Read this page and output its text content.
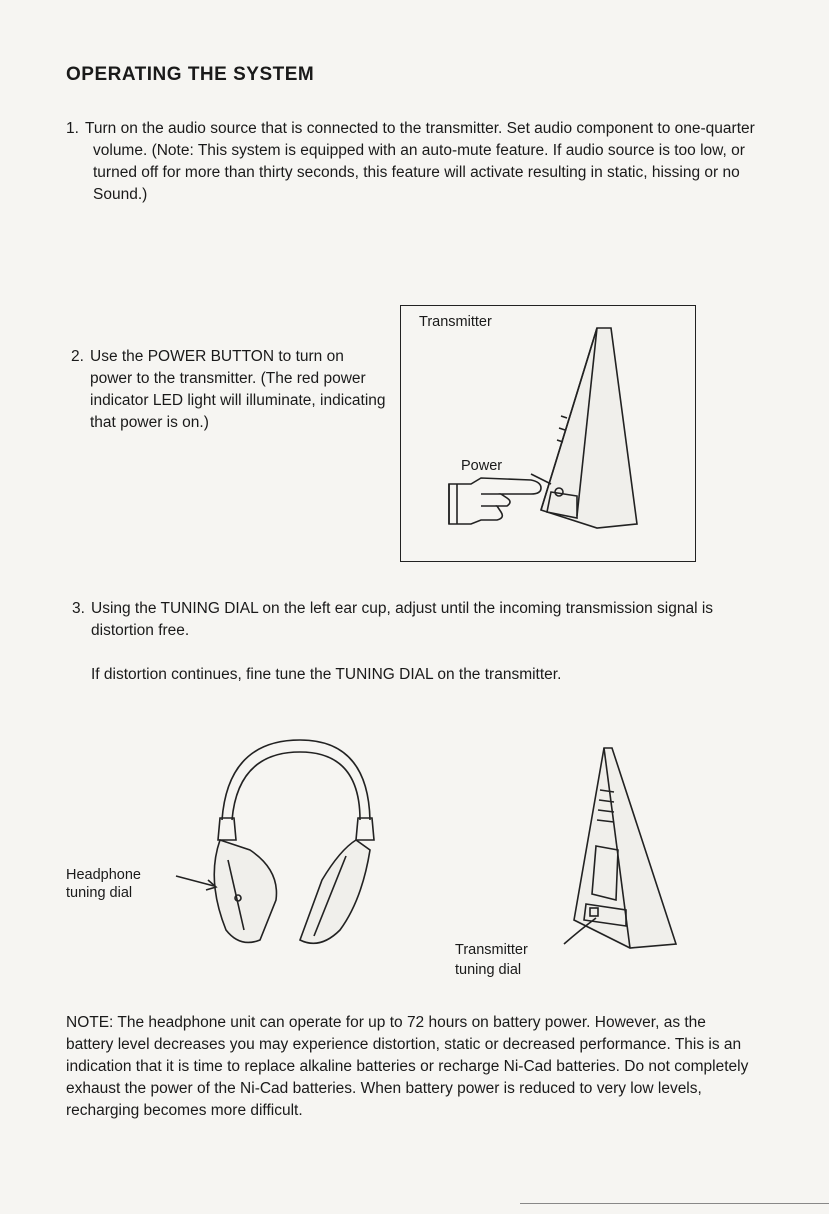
OPERATING THE SYSTEM
1. Turn on the audio source that is connected to the transmitter. Set audio component to one-quarter volume. (Note: This system is equipped with an auto-mute feature. If audio source is too low, or turned off for more than thirty seconds, this feature will activate resulting in static, hissing or no Sound.)
2. Use the POWER BUTTON to turn on power to the transmitter. (The red power indicator LED light will illuminate, indicating that power is on.)
Transmitter
Power
3. Using the TUNING DIAL on the left ear cup, adjust until the incoming transmission signal is distortion free.
If distortion continues, fine tune the TUNING DIAL on the transmitter.
Headphone
tuning dial
Transmitter
tuning dial
NOTE: The headphone unit can operate for up to 72 hours on battery power. However, as the battery level decreases you may experience distortion, static or decreased performance. This is an indication that it is time to replace alkaline batteries or recharge Ni-Cad batteries. Do not completely exhaust the power of the Ni-Cad batteries. When battery power is reduced to very low levels, recharging becomes more difficult.
